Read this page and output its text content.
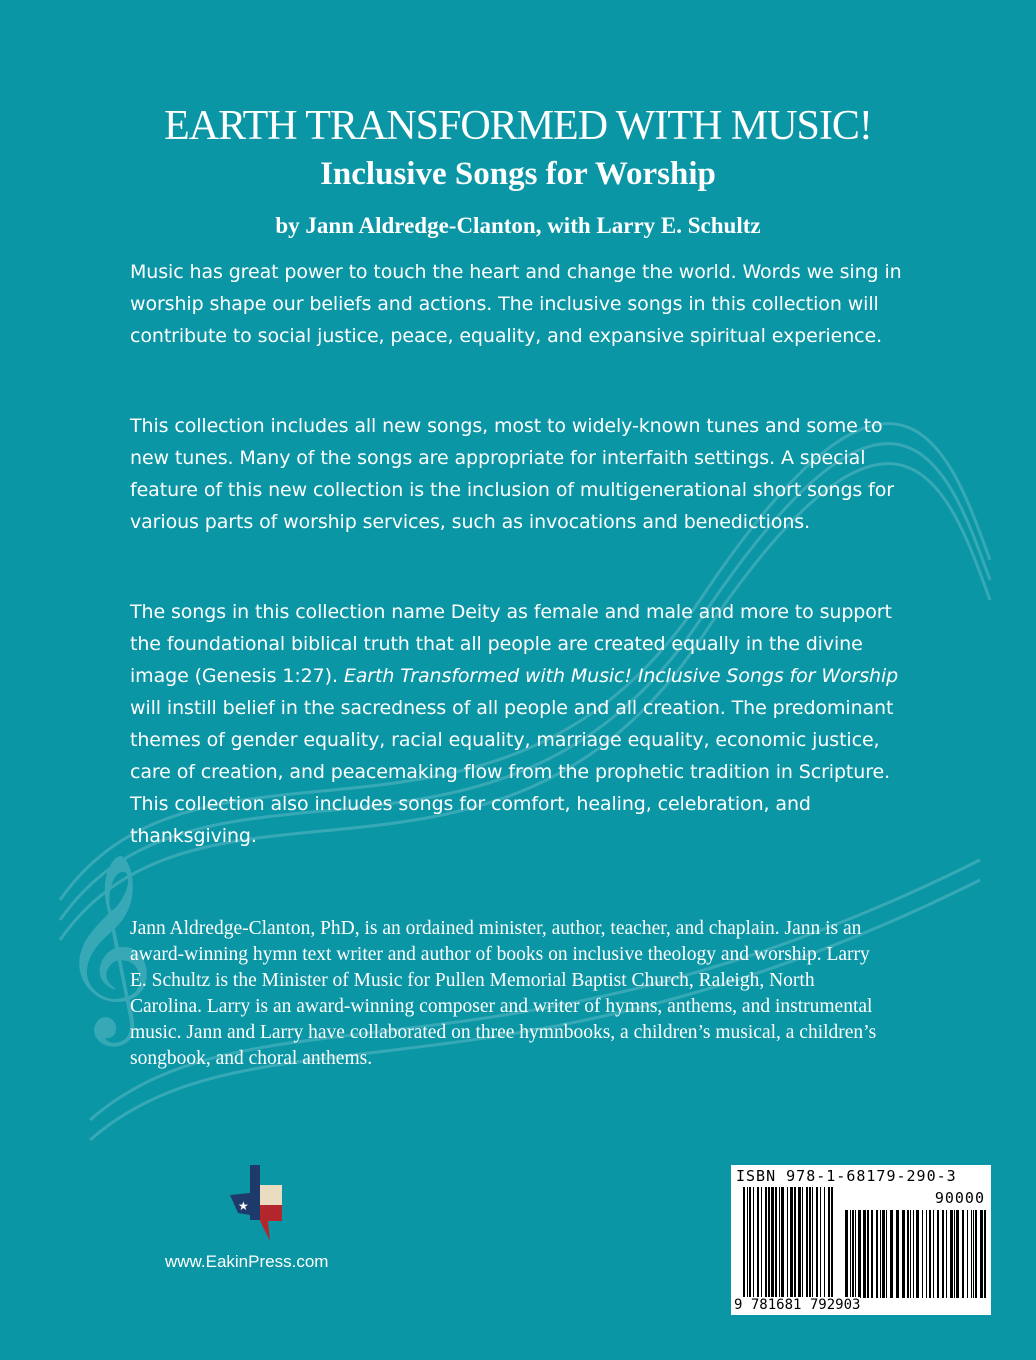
𝄞
EARTH TRANSFORMED WITH MUSIC!
Inclusive Songs for Worship
by Jann Aldredge-Clanton, with Larry E. Schultz
Music has great power to touch the heart and change the world. Words we sing in worship shape our beliefs and actions. The inclusive songs in this collection will contribute to social justice, peace, equality, and expansive spiritual experience.
This collection includes all new songs, most to widely-known tunes and some to new tunes. Many of the songs are appropriate for interfaith settings. A special feature of this new collection is the inclusion of multigenerational short songs for various parts of worship services, such as invocations and benedictions.
The songs in this collection name Deity as female and male and more to support the foundational biblical truth that all people are created equally in the divine image (Genesis 1:27). Earth Transformed with Music! Inclusive Songs for Worship will instill belief in the sacredness of all people and all creation. The predominant themes of gender equality, racial equality, marriage equality, economic justice, care of creation, and peacemaking flow from the prophetic tradition in Scripture. This collection also includes songs for comfort, healing, celebration, and thanksgiving.
Jann Aldredge-Clanton, PhD, is an ordained minister, author, teacher, and chaplain. Jann is an award-winning hymn text writer and author of books on inclusive theology and worship. Larry E. Schultz is the Minister of Music for Pullen Memorial Baptist Church, Raleigh, North Carolina. Larry is an award-winning composer and writer of hymns, anthems, and instrumental music. Jann and Larry have collaborated on three hymnbooks, a children’s musical, a children’s songbook, and choral anthems.
★
www.EakinPress.com
ISBN 978-1-68179-290-3
90000
9 781681 792903
